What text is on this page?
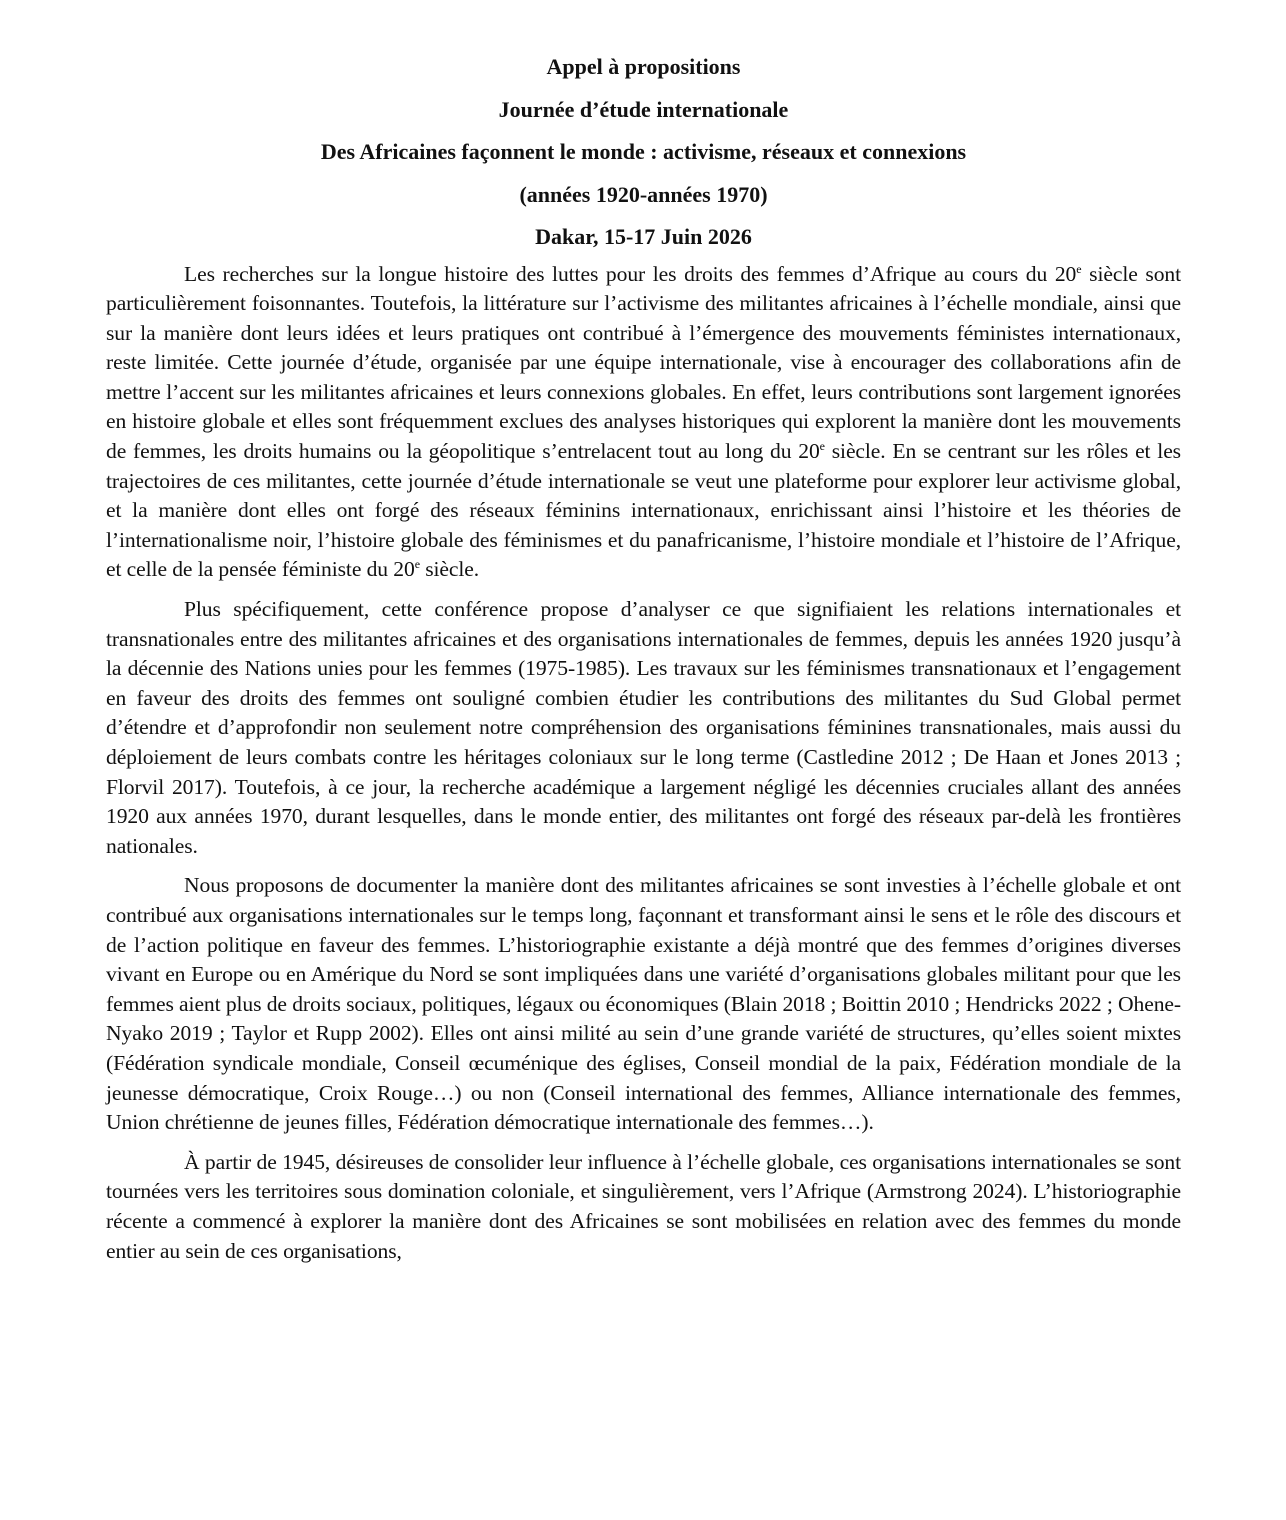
Appel à propositions
Journée d’étude internationale
Des Africaines façonnent le monde : activisme, réseaux et connexions
(années 1920-années 1970)
Dakar, 15-17 Juin 2026

Les recherches sur la longue histoire des luttes pour les droits des femmes d’Afrique au cours du 20e siècle sont particulièrement foisonnantes. Toutefois, la littérature sur l’activisme des militantes africaines à l’échelle mondiale, ainsi que sur la manière dont leurs idées et leurs pratiques ont contribué à l’émergence des mouvements féministes internationaux, reste limitée. Cette journée d’étude, organisée par une équipe internationale, vise à encourager des collaborations afin de mettre l’accent sur les militantes africaines et leurs connexions globales. En effet, leurs contributions sont largement ignorées en histoire globale et elles sont fréquemment exclues des analyses historiques qui explorent la manière dont les mouvements de femmes, les droits humains ou la géopolitique s’entrelacent tout au long du 20e siècle. En se centrant sur les rôles et les trajectoires de ces militantes, cette journée d’étude internationale se veut une plateforme pour explorer leur activisme global, et la manière dont elles ont forgé des réseaux féminins internationaux, enrichissant ainsi l’histoire et les théories de l’internationalisme noir, l’histoire globale des féminismes et du panafricanisme, l’histoire mondiale et l’histoire de l’Afrique, et celle de la pensée féministe du 20e siècle.

Plus spécifiquement, cette conférence propose d’analyser ce que signifiaient les relations internationales et transnationales entre des militantes africaines et des organisations internationales de femmes, depuis les années 1920 jusqu’à la décennie des Nations unies pour les femmes (1975-1985). Les travaux sur les féminismes transnationaux et l’engagement en faveur des droits des femmes ont souligné combien étudier les contributions des militantes du Sud Global permet d’étendre et d’approfondir non seulement notre compréhension des organisations féminines transnationales, mais aussi du déploiement de leurs combats contre les héritages coloniaux sur le long terme (Castledine 2012 ; De Haan et Jones 2013 ; Florvil 2017). Toutefois, à ce jour, la recherche académique a largement négligé les décennies cruciales allant des années 1920 aux années 1970, durant lesquelles, dans le monde entier, des militantes ont forgé des réseaux par-delà les frontières nationales.

Nous proposons de documenter la manière dont des militantes africaines se sont investies à l’échelle globale et ont contribué aux organisations internationales sur le temps long, façonnant et transformant ainsi le sens et le rôle des discours et de l’action politique en faveur des femmes. L’historiographie existante a déjà montré que des femmes d’origines diverses vivant en Europe ou en Amérique du Nord se sont impliquées dans une variété d’organisations globales militant pour que les femmes aient plus de droits sociaux, politiques, légaux ou économiques (Blain 2018 ; Boittin 2010 ; Hendricks 2022 ; Ohene-Nyako 2019 ; Taylor et Rupp 2002). Elles ont ainsi milité au sein d’une grande variété de structures, qu’elles soient mixtes (Fédération syndicale mondiale, Conseil œcuménique des églises, Conseil mondial de la paix, Fédération mondiale de la jeunesse démocratique, Croix Rouge…) ou non (Conseil international des femmes, Alliance internationale des femmes, Union chrétienne de jeunes filles, Fédération démocratique internationale des femmes…).

À partir de 1945, désireuses de consolider leur influence à l’échelle globale, ces organisations internationales se sont tournées vers les territoires sous domination coloniale, et singulièrement, vers l’Afrique (Armstrong 2024). L’historiographie récente a commencé à explorer la manière dont des Africaines se sont mobilisées en relation avec des femmes du monde entier au sein de ces organisations,
